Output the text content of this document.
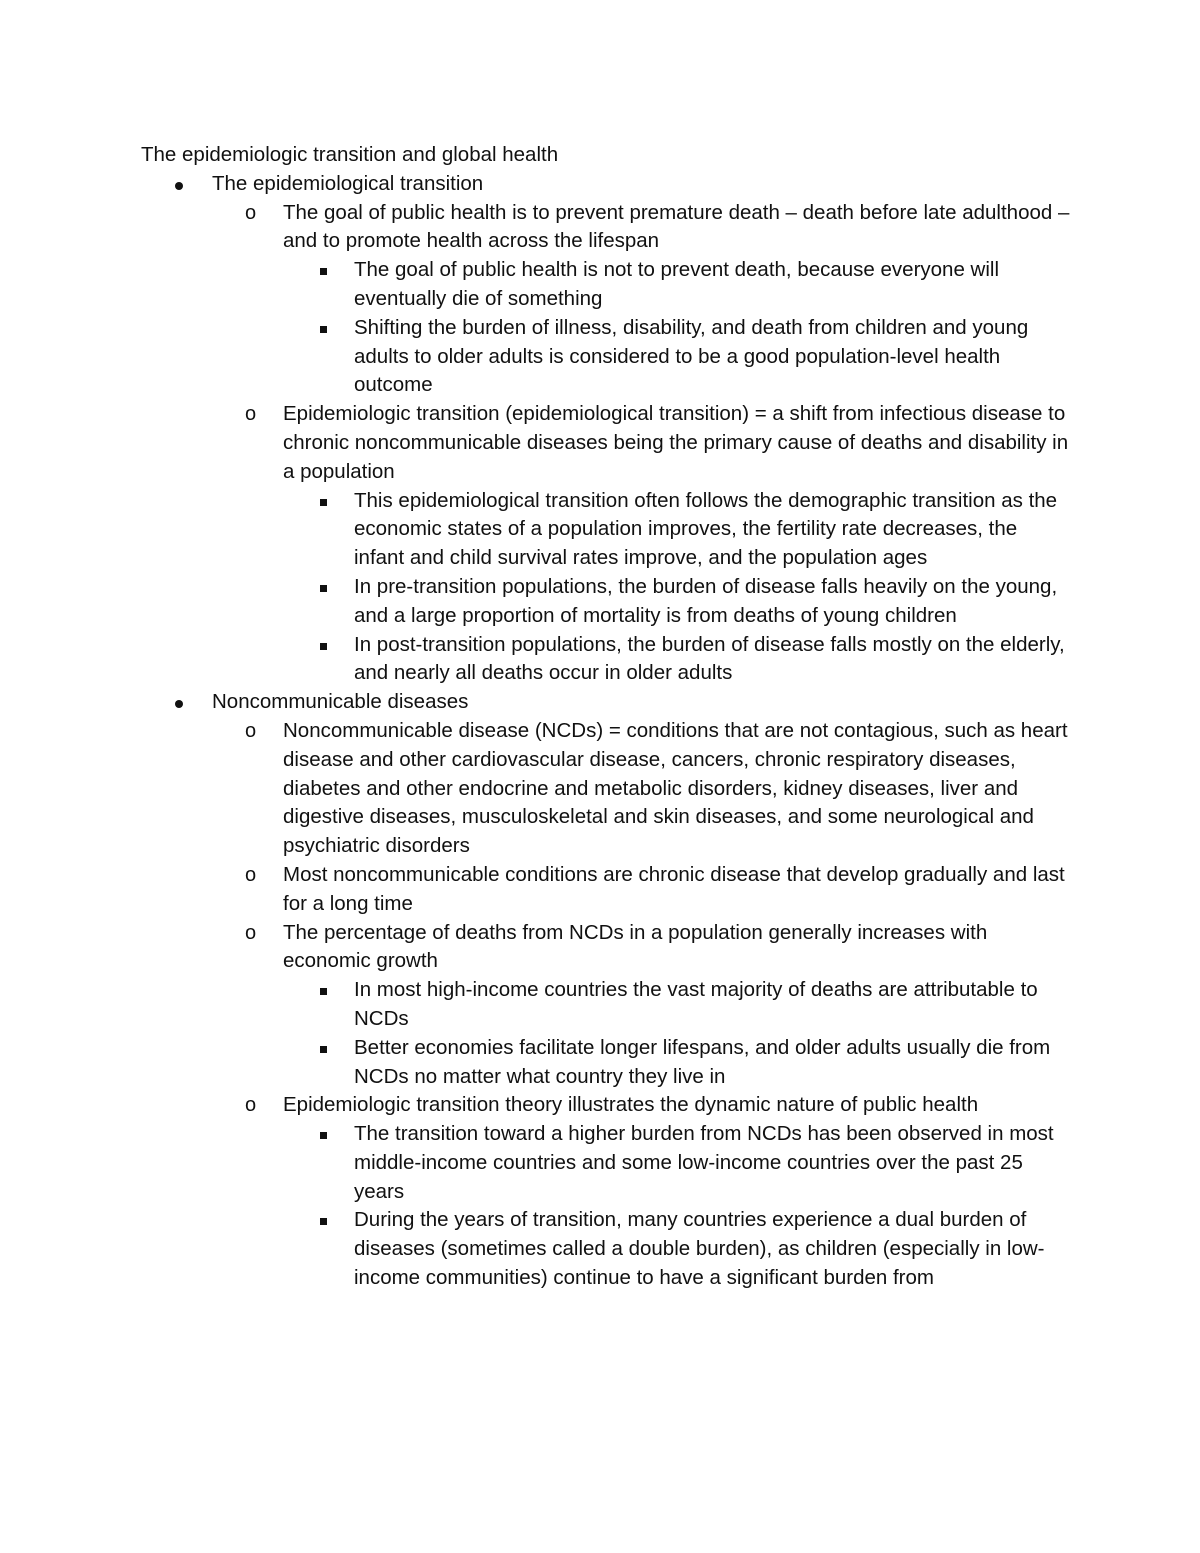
The epidemiologic transition and global health

The epidemiological transition
o The goal of public health is to prevent premature death – death before late adulthood – and to promote health across the lifespan
The goal of public health is not to prevent death, because everyone will eventually die of something
Shifting the burden of illness, disability, and death from children and young adults to older adults is considered to be a good population-level health outcome
o Epidemiologic transition (epidemiological transition) = a shift from infectious disease to chronic noncommunicable diseases being the primary cause of deaths and disability in a population
This epidemiological transition often follows the demographic transition as the economic states of a population improves, the fertility rate decreases, the infant and child survival rates improve, and the population ages
In pre-transition populations, the burden of disease falls heavily on the young, and a large proportion of mortality is from deaths of young children
In post-transition populations, the burden of disease falls mostly on the elderly, and nearly all deaths occur in older adults
Noncommunicable diseases
o Noncommunicable disease (NCDs) = conditions that are not contagious, such as heart disease and other cardiovascular disease, cancers, chronic respiratory diseases, diabetes and other endocrine and metabolic disorders, kidney diseases, liver and digestive diseases, musculoskeletal and skin diseases, and some neurological and psychiatric disorders
o Most noncommunicable conditions are chronic disease that develop gradually and last for a long time
o The percentage of deaths from NCDs in a population generally increases with economic growth
In most high-income countries the vast majority of deaths are attributable to NCDs
Better economies facilitate longer lifespans, and older adults usually die from NCDs no matter what country they live in
o Epidemiologic transition theory illustrates the dynamic nature of public health
The transition toward a higher burden from NCDs has been observed in most middle-income countries and some low-income countries over the past 25 years
During the years of transition, many countries experience a dual burden of diseases (sometimes called a double burden), as children (especially in low-income communities) continue to have a significant burden from
